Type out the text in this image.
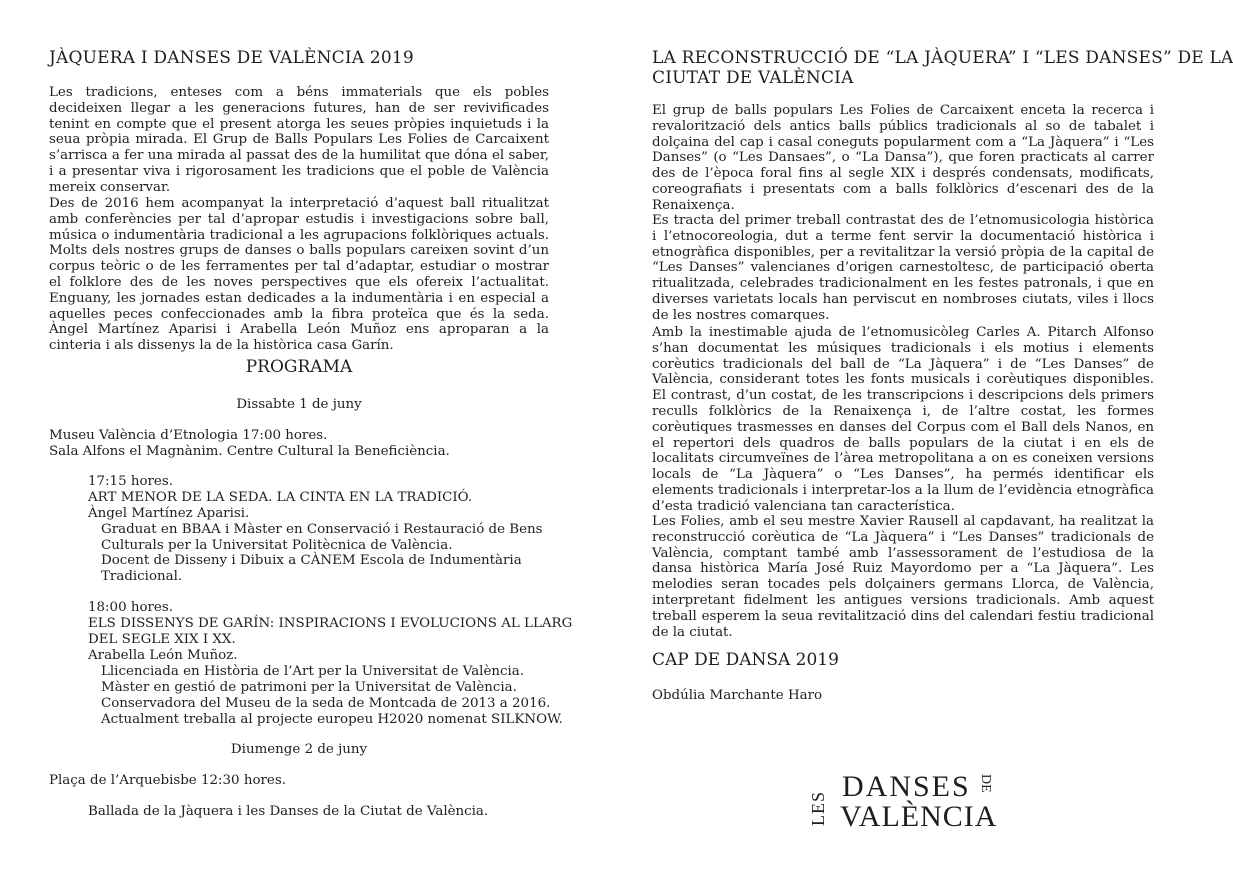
JÀQUERA I DANSES DE VALÈNCIA 2019

Les tradicions, enteses com a béns immaterials que els pobles decideixen llegar a les generacions futures, han de ser revivificades tenint en compte que el present atorga les seues pròpies inquietuds i la seua pròpia mirada. El Grup de Balls Populars Les Folies de Carcaixent s’arrisca a fer una mirada al passat des de la humilitat que dóna el saber, i a presentar viva i rigorosament les tradicions que el poble de València mereix conservar.

Des de 2016 hem acompanyat la interpretació d’aquest ball ritualitzat amb conferències per tal d’apropar estudis i investigacions sobre ball, música o indumentària tradicional a les agrupacions folklòriques actuals. Molts dels nostres grups de danses o balls populars careixen sovint d’un corpus teòric o de les ferramentes per tal d’adaptar, estudiar o mostrar el folklore des de les noves perspectives que els ofereix l’actualitat. Enguany, les jornades estan dedicades a la indumentària i en especial a aquelles peces confeccionades amb la fibra proteïca que és la seda. Àngel Martínez Aparisi i Arabella León Muñoz ens aproparan a la cinteria i als dissenys la de la històrica casa Garín.

PROGRAMA
Dissabte 1 de juny
Museu València d’Etnologia 17:00 hores.
Sala Alfons el Magnànim. Centre Cultural la Beneficiència.
17:15 hores.
ART MENOR DE LA SEDA. LA CINTA EN LA TRADICIÓ.
Àngel Martínez Aparisi.
Graduat en BBAA i Màster en Conservació i Restauració de Bens
Culturals per la Universitat Politècnica de València.
Docent de Disseny i Dibuix a CÀNEM Escola de Indumentària
Tradicional.
18:00 hores.
ELS DISSENYS DE GARÍN: INSPIRACIONS I EVOLUCIONS AL LLARG
DEL SEGLE XIX I XX.
Arabella León Muñoz.
Llicenciada en Història de l’Art per la Universitat de València.
Màster en gestió de patrimoni per la Universitat de València.
Conservadora del Museu de la seda de Montcada de 2013 a 2016.
Actualment treballa al projecte europeu H2020 nomenat SILKNOW.
Diumenge 2 de juny
Plaça de l’Arquebisbe 12:30 hores.
Ballada de la Jàquera i les Danses de la Ciutat de València.
LA RECONSTRUCCIÓ DE “LA JÀQUERA” I “LES DANSES” DE LA
CIUTAT DE VALÈNCIA

El grup de balls populars Les Folies de Carcaixent enceta la recerca i revalorització dels antics balls públics tradicionals al so de tabalet i dolçaina del cap i casal coneguts popularment com a “La Jàquera” i “Les Danses” (o “Les Dansaes”, o “La Dansa”), que foren practicats al carrer des de l’època foral fins al segle XIX i després condensats, modificats, coreografiats i presentats com a balls folklòrics d’escenari des de la Renaixença.

Es tracta del primer treball contrastat des de l’etnomusicologia històrica i l’etnocoreologia, dut a terme fent servir la documentació històrica i etnogràfica disponibles, per a revitalitzar la versió pròpia de la capital de “Les Danses” valencianes d’origen carnestoltesc, de participació oberta ritualitzada, celebrades tradicionalment en les festes patronals, i que en diverses varietats locals han perviscut en nombroses ciutats, viles i llocs de les nostres comarques.

Amb la inestimable ajuda de l’etnomusicòleg Carles A. Pitarch Alfonso s’han documentat les músiques tradicionals i els motius i elements corèutics tradicionals del ball de “La Jàquera” i de “Les Danses” de València, considerant totes les fonts musicals i corèutiques disponibles. El contrast, d’un costat, de les transcripcions i descripcions dels primers reculls folklòrics de la Renaixença i, de l’altre costat, les formes corèutiques trasmesses en danses del Corpus com el Ball dels Nanos, en el repertori dels quadros de balls populars de la ciutat i en els de localitats circumveïnes de l’àrea metropolitana a on es coneixen versions locals de “La Jàquera” o “Les Danses”, ha permés identificar els elements tradicionals i interpretar-los a la llum de l’evidència etnogràfica d’esta tradició valenciana tan característica.

Les Folies, amb el seu mestre Xavier Rausell al capdavant, ha realitzat la reconstrucció corèutica de “La Jàquera” i “Les Danses” tradicionals de València, comptant també amb l’assessorament de l’estudiosa de la dansa històrica María José Ruiz Mayordomo per a “La Jàquera”. Les melodies seran tocades pels dolçainers germans Llorca, de València, interpretant fidelment les antigues versions tradicionals. Amb aquest treball esperem la seua revitalització dins del calendari festiu tradicional de la ciutat.

CAP DE DANSA 2019
Obdúlia Marchante Haro
LES
DANSES DE
VALÈNCIA
